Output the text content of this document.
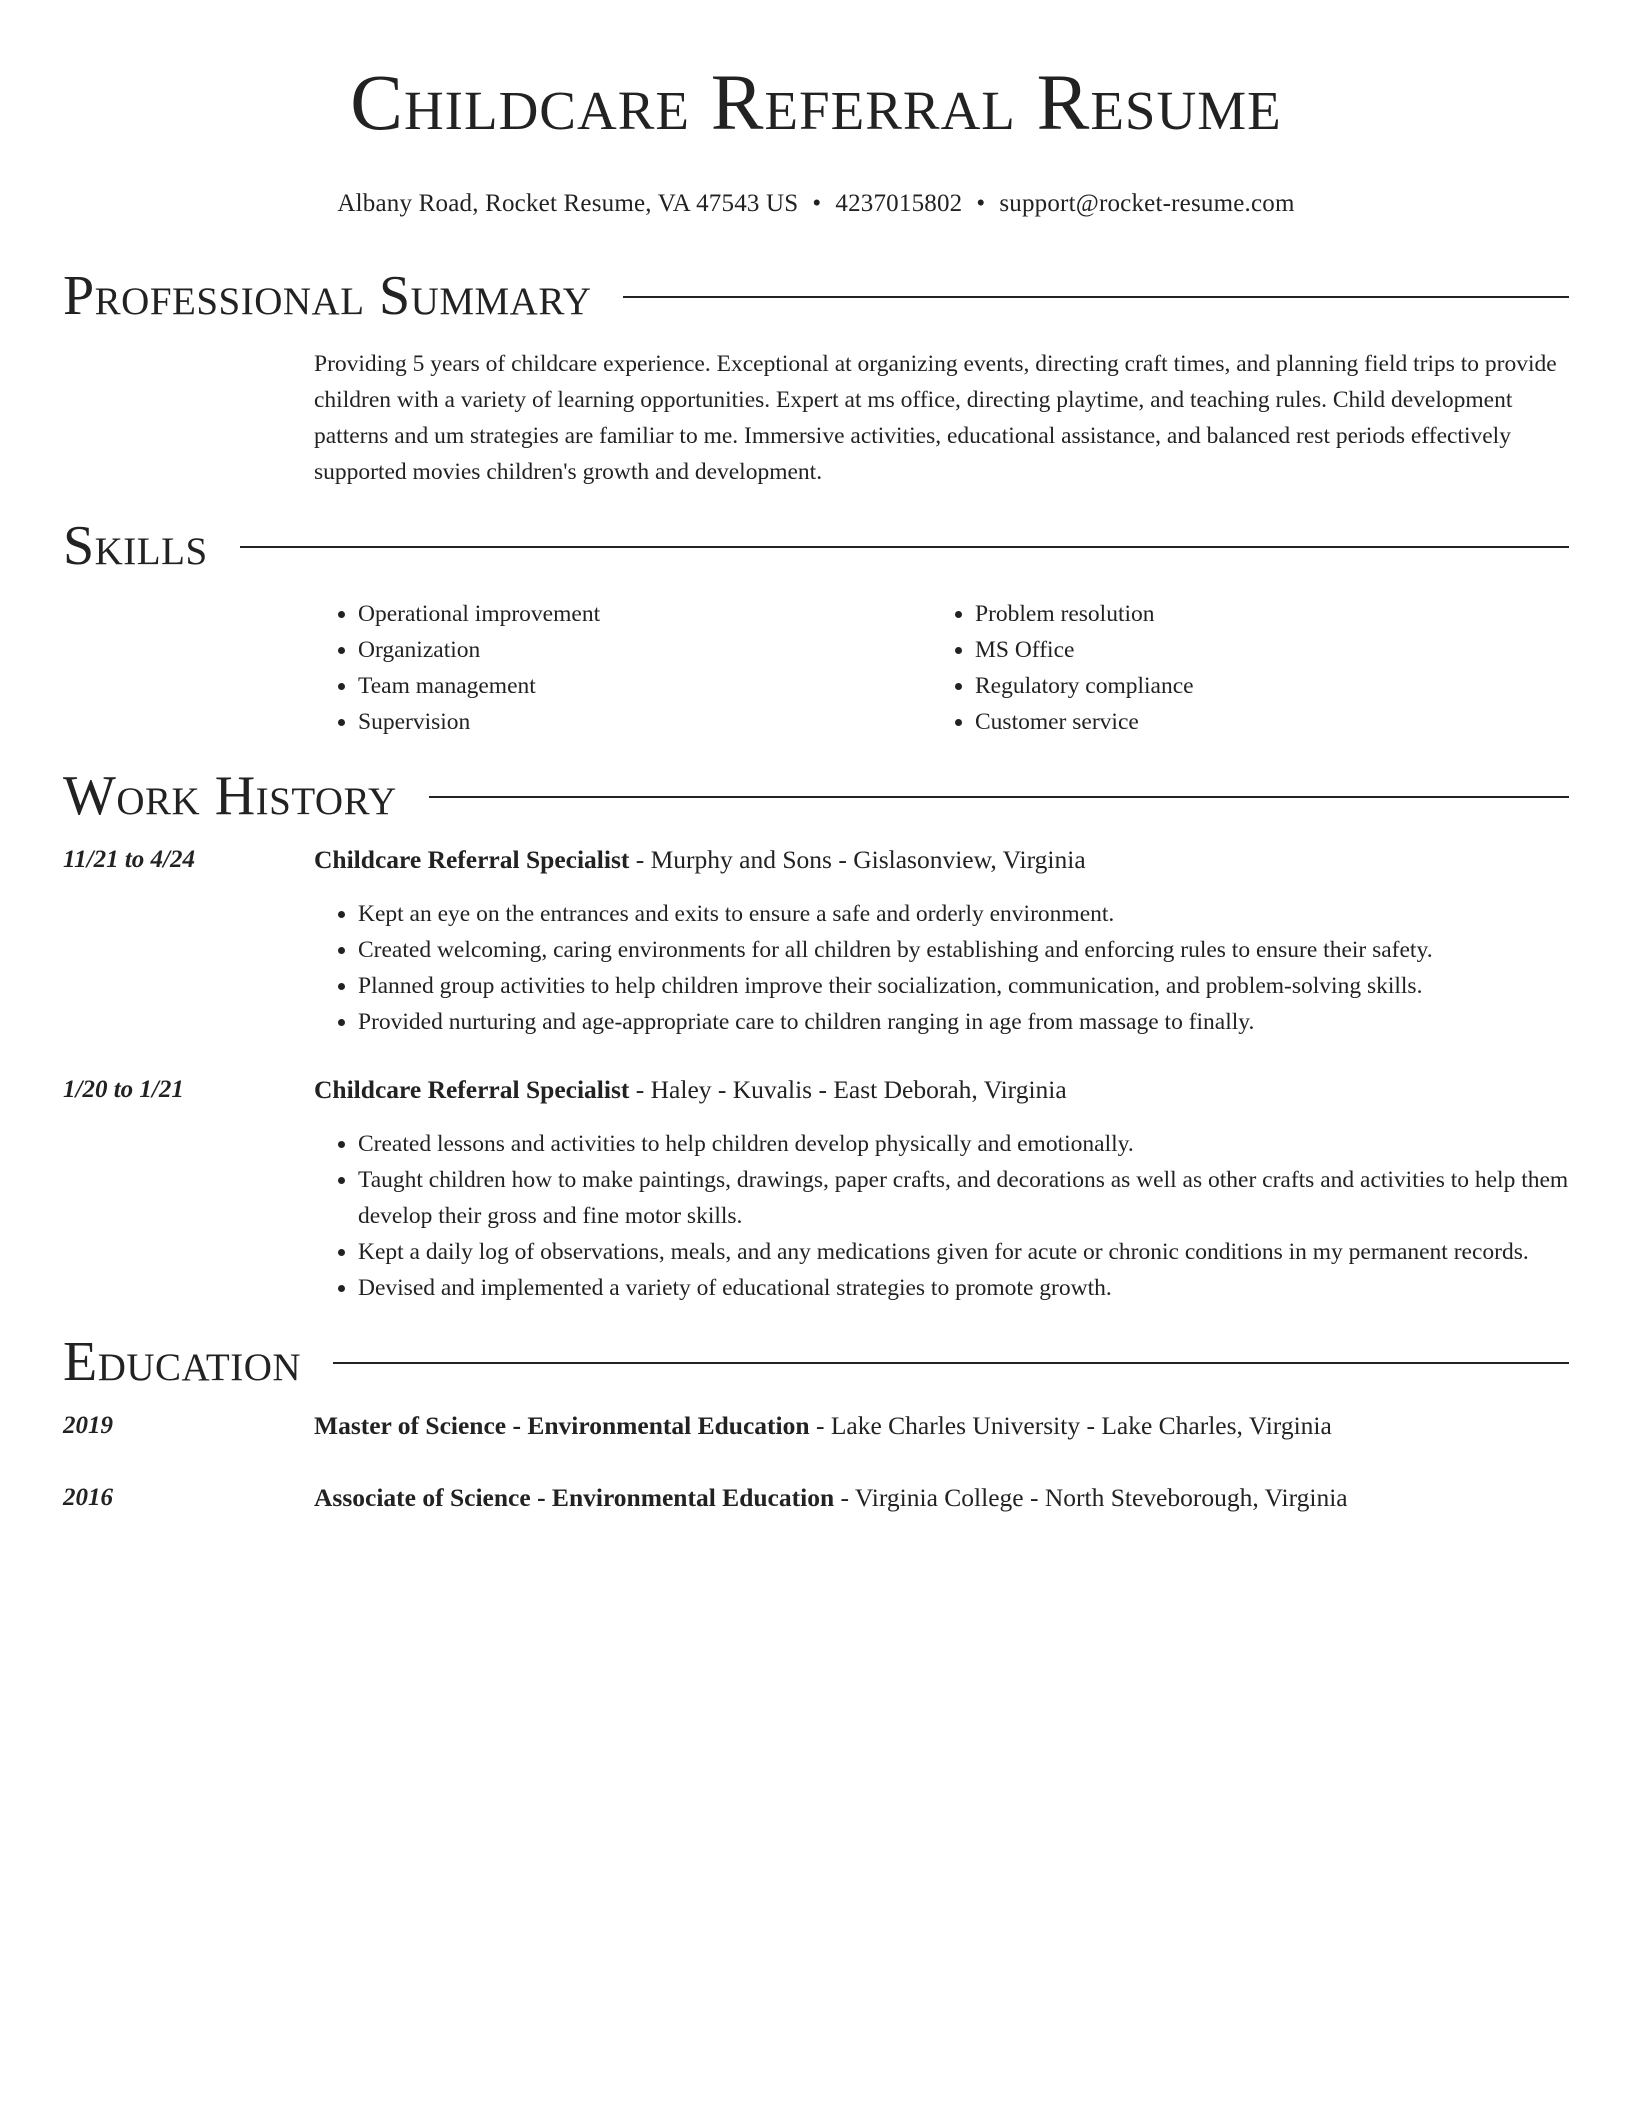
Childcare Referral Resume
Albany Road, Rocket Resume, VA 47543 US • 4237015802 • support@rocket-resume.com
Professional Summary
Providing 5 years of childcare experience. Exceptional at organizing events, directing craft times, and planning field trips to provide children with a variety of learning opportunities. Expert at ms office, directing playtime, and teaching rules. Child development patterns and um strategies are familiar to me. Immersive activities, educational assistance, and balanced rest periods effectively supported movies children's growth and development.
Skills
• Operational improvement
• Organization
• Team management
• Supervision
• Problem resolution
• MS Office
• Regulatory compliance
• Customer service
Work History
11/21 to 4/24	Childcare Referral Specialist - Murphy and Sons - Gislasonview, Virginia
• Kept an eye on the entrances and exits to ensure a safe and orderly environment.
• Created welcoming, caring environments for all children by establishing and enforcing rules to ensure their safety.
• Planned group activities to help children improve their socialization, communication, and problem-solving skills.
• Provided nurturing and age-appropriate care to children ranging in age from massage to finally.
1/20 to 1/21	Childcare Referral Specialist - Haley - Kuvalis - East Deborah, Virginia
• Created lessons and activities to help children develop physically and emotionally.
• Taught children how to make paintings, drawings, paper crafts, and decorations as well as other crafts and activities to help them develop their gross and fine motor skills.
• Kept a daily log of observations, meals, and any medications given for acute or chronic conditions in my permanent records.
• Devised and implemented a variety of educational strategies to promote growth.
Education
2019	Master of Science - Environmental Education - Lake Charles University - Lake Charles, Virginia
2016	Associate of Science - Environmental Education - Virginia College - North Steveborough, Virginia
